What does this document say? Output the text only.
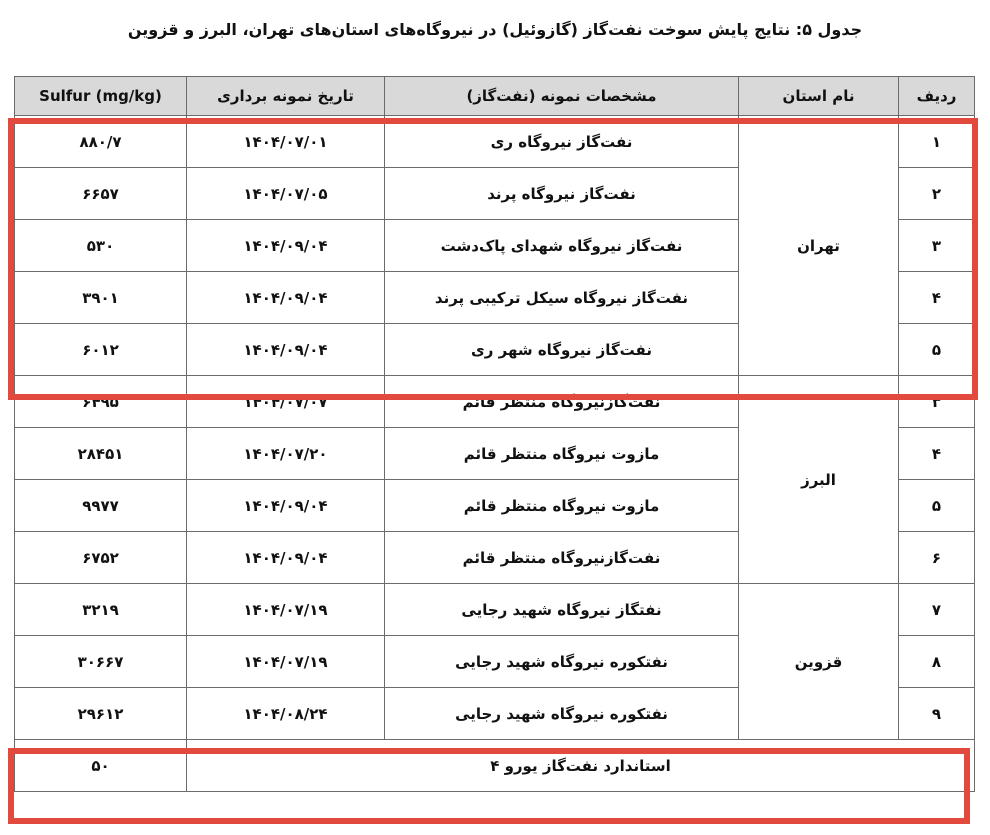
جدول ۵: نتایج پایش سوخت نفت‌گاز (گازوئیل) در نیروگاه‌های استان‌های تهران، البرز و قزوین
ردیف	نام استان	مشخصات نمونه (نفت‌گاز)	تاریخ نمونه برداری	Sulfur (mg/kg)
۱	تهران	نفت‌گاز نیروگاه ری	۱۴۰۴/۰۷/۰۱	۸۸۰/۷
۲		نفت‌گاز نیروگاه پرند	۱۴۰۴/۰۷/۰۵	۶۶۵۷
۳		نفت‌گاز نیروگاه شهدای پاک‌دشت	۱۴۰۴/۰۹/۰۴	۵۳۰
۴		نفت‌گاز نیروگاه سیکل ترکیبی پرند	۱۴۰۴/۰۹/۰۴	۳۹۰۱
۵		نفت‌گاز نیروگاه شهر ری	۱۴۰۴/۰۹/۰۴	۶۰۱۲
۳	البرز	نفت‌گازنیروگاه منتظر قائم	۱۴۰۴/۰۷/۰۷	۶۴۹۵
۴		مازوت نیروگاه منتظر قائم	۱۴۰۴/۰۷/۲۰	۲۸۴۵۱
۵		مازوت نیروگاه منتظر قائم	۱۴۰۴/۰۹/۰۴	۹۹۷۷
۶		نفت‌گازنیروگاه منتظر قائم	۱۴۰۴/۰۹/۰۴	۶۷۵۲
۷	قزوین	نفتگاز نیروگاه شهید رجایی	۱۴۰۴/۰۷/۱۹	۳۲۱۹
۸		نفتکوره نیروگاه شهید رجایی	۱۴۰۴/۰۷/۱۹	۳۰۶۶۷
۹		نفتکوره نیروگاه شهید رجایی	۱۴۰۴/۰۸/۲۴	۲۹۶۱۲
استاندارد نفت‌گاز یورو ۴				۵۰
